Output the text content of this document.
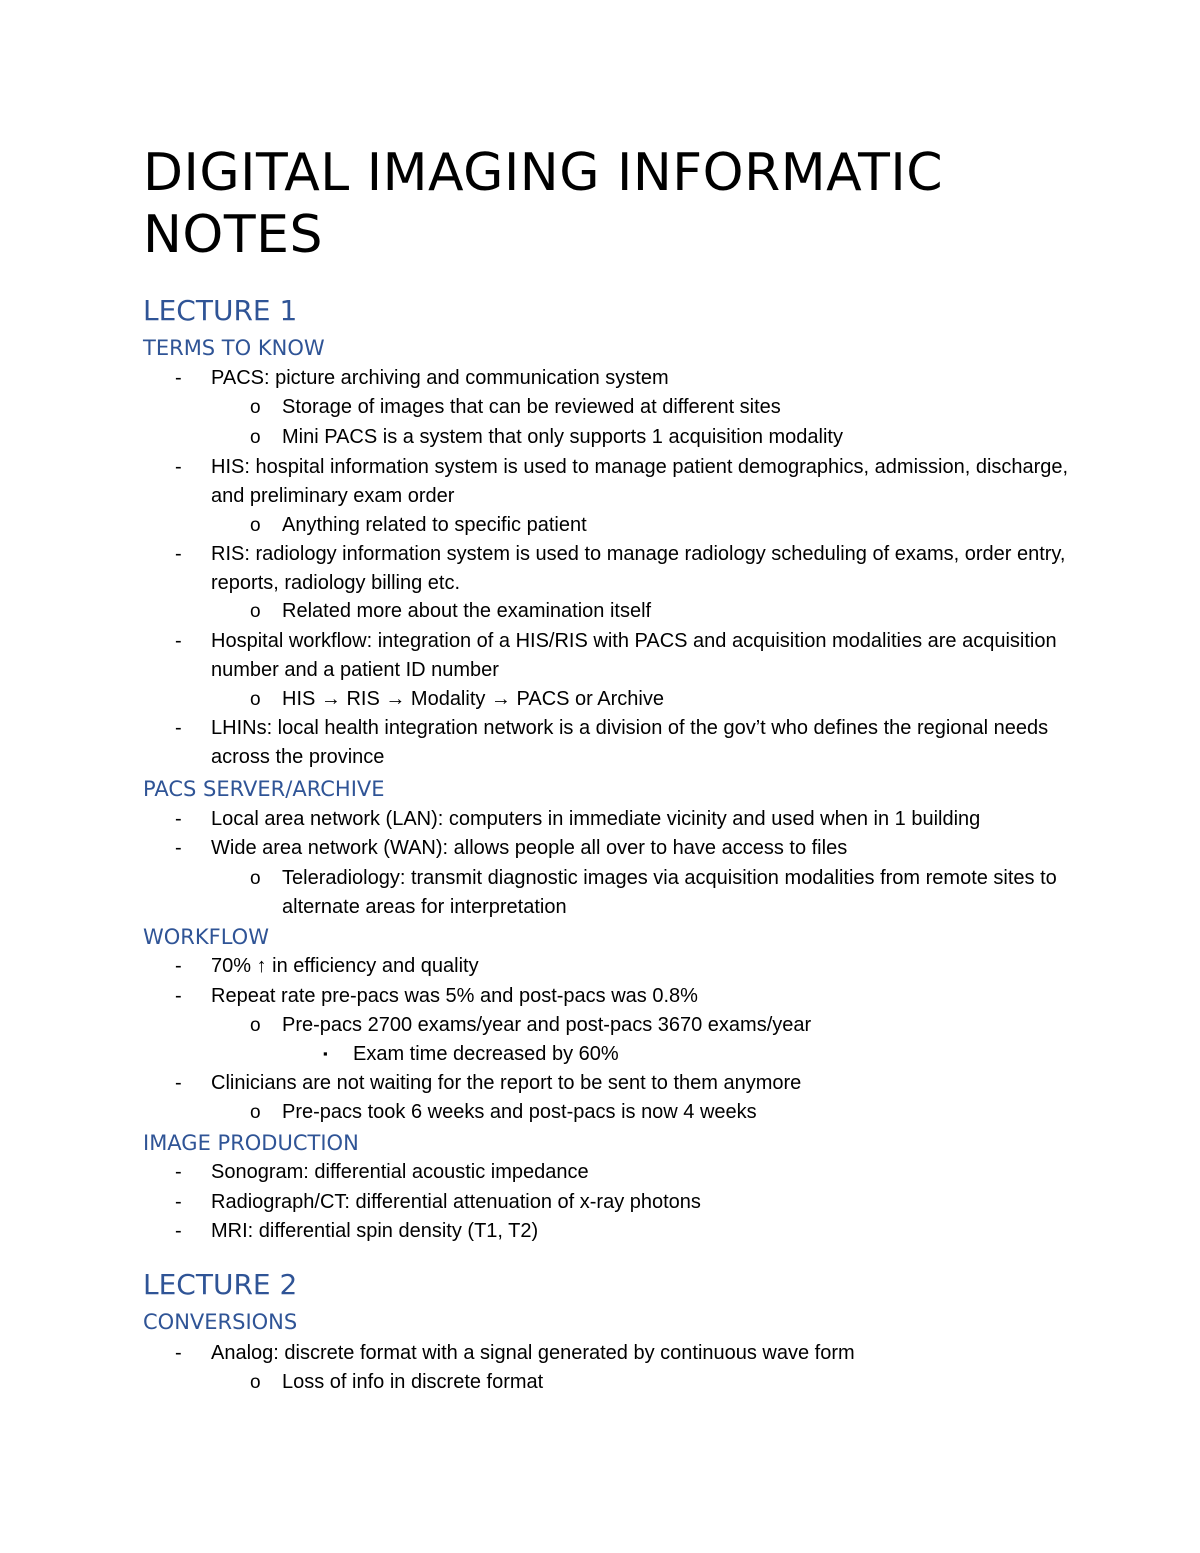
DIGITAL IMAGING INFORMATIC NOTES
LECTURE 1
TERMS TO KNOW

- PACS: picture archiving and communication system

o Storage of images that can be reviewed at different sites

o Mini PACS is a system that only supports 1 acquisition modality

- HIS: hospital information system is used to manage patient demographics, admission, discharge, and preliminary exam order

o Anything related to specific patient

- RIS: radiology information system is used to manage radiology scheduling of exams, order entry, reports, radiology billing etc.

o Related more about the examination itself

- Hospital workflow: integration of a HIS/RIS with PACS and acquisition modalities are acquisition number and a patient ID number

o HIS → RIS → Modality → PACS or Archive

- LHINs: local health integration network is a division of the gov’t who defines the regional needs across the province

PACS SERVER/ARCHIVE

- Local area network (LAN): computers in immediate vicinity and used when in 1 building

- Wide area network (WAN): allows people all over to have access to files

o Teleradiology: transmit diagnostic images via acquisition modalities from remote sites to alternate areas for interpretation

WORKFLOW

- 70% ↑ in efficiency and quality

- Repeat rate pre-pacs was 5% and post-pacs was 0.8%

o Pre-pacs 2700 exams/year and post-pacs 3670 exams/year

▪ Exam time decreased by 60%

- Clinicians are not waiting for the report to be sent to them anymore

o Pre-pacs took 6 weeks and post-pacs is now 4 weeks

IMAGE PRODUCTION

- Sonogram: differential acoustic impedance

- Radiograph/CT: differential attenuation of x-ray photons

- MRI: differential spin density (T1, T2)

LECTURE 2
CONVERSIONS

- Analog: discrete format with a signal generated by continuous wave form

o Loss of info in discrete format
